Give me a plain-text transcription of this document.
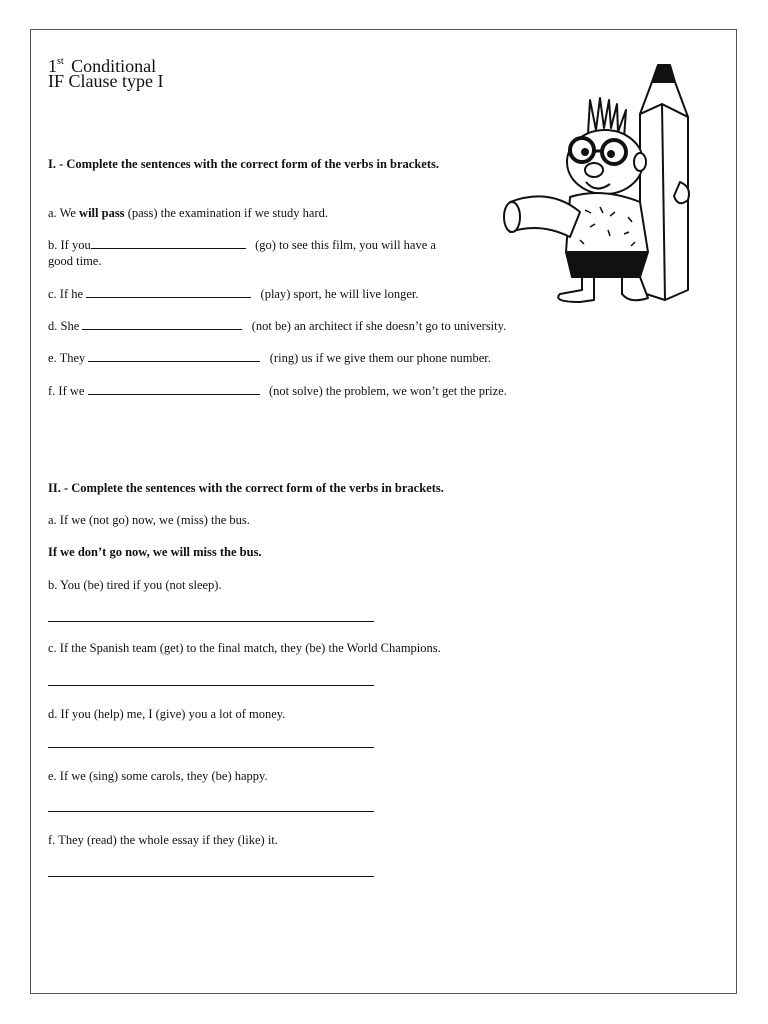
1st Conditional
IF Clause type I
I. - Complete the sentences with the correct form of the verbs in brackets.
a. We will pass (pass) the examination if we study hard.
b. If you	(go) to see this film, you will have a
good time.
c. If he	(play) sport, he will live longer.
d. She	(not be) an architect if she doesn’t go to university.
e. They	(ring) us if we give them our phone number.
f. If we	(not solve) the problem, we won’t get the prize.
II. - Complete the sentences with the correct form of the verbs in brackets.
a. If we (not go) now, we (miss) the bus.
If we don’t go now, we will miss the bus.
b. You (be) tired if you (not sleep).
c. If the Spanish team (get) to the final match, they (be) the World Champions.
d. If you (help) me, I (give) you a lot of money.
e. If we (sing) some carols, they (be) happy.
f. They (read) the whole essay if they (like) it.
